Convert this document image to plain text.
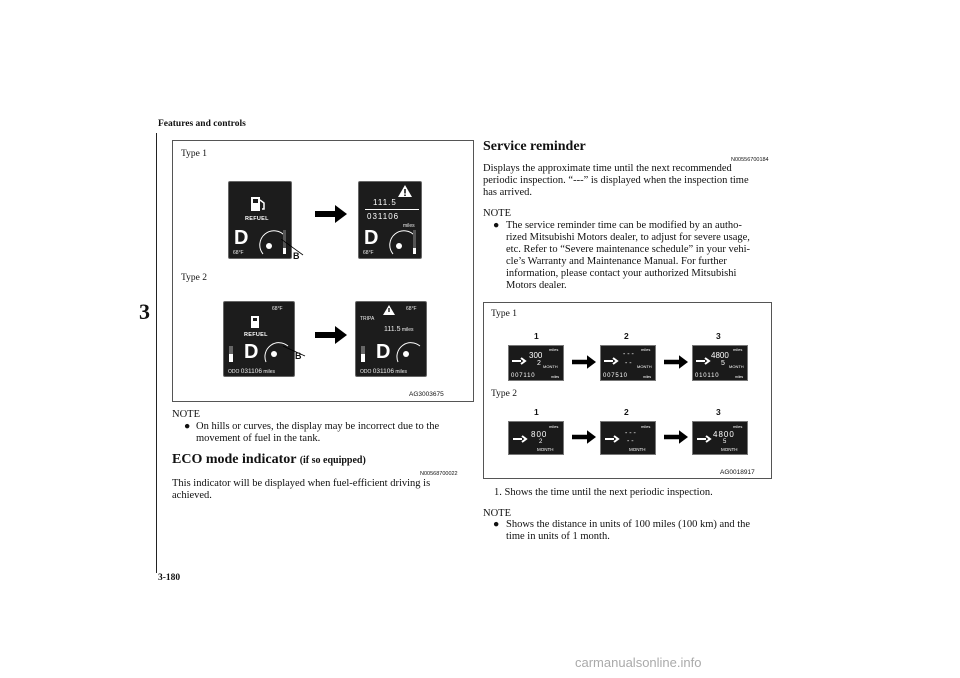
Features and controls
3
Type 1
Type 2
REFUEL
D
68°F	B
111.5
031106
miles
D
68°F
68°F
REFUEL
D
ODO 031106 miles
B
68°F
TRIPA
111.5 miles
D
ODO 031106 miles
AG3003675
NOTE
● On hills or curves, the display may be incorrect due to the
movement of fuel in the tank.
ECO mode indicator (if so equipped)
N00568700022
This indicator will be displayed when fuel-efficient driving is
achieved.
Service reminder
N00556700184
Displays the approximate time until the next recommended
periodic inspection. “---” is displayed when the inspection time
has arrived.
NOTE
● The service reminder time can be modified by an autho-
rized Mitsubishi Motors dealer, to adjust for severe usage,
etc. Refer to “Severe maintenance schedule” in your vehi-
cle’s Warranty and Maintenance Manual. For further
information, please contact your authorized Mitsubishi
Motors dealer.
Type 1
Type 2
1	2	3
1	2	3
miles
300
2 MONTH
007110	miles
miles
- - -
- - MONTH
007510	miles
miles
4800
5 MONTH
010110	miles
miles
800
2
MONTH
miles
- - -
- -
MONTH
miles
4800
5
MONTH
AG0018917
1. Shows the time until the next periodic inspection.
NOTE
● Shows the distance in units of 100 miles (100 km) and the
time in units of 1 month.
3-180
carmanualsonline.info
